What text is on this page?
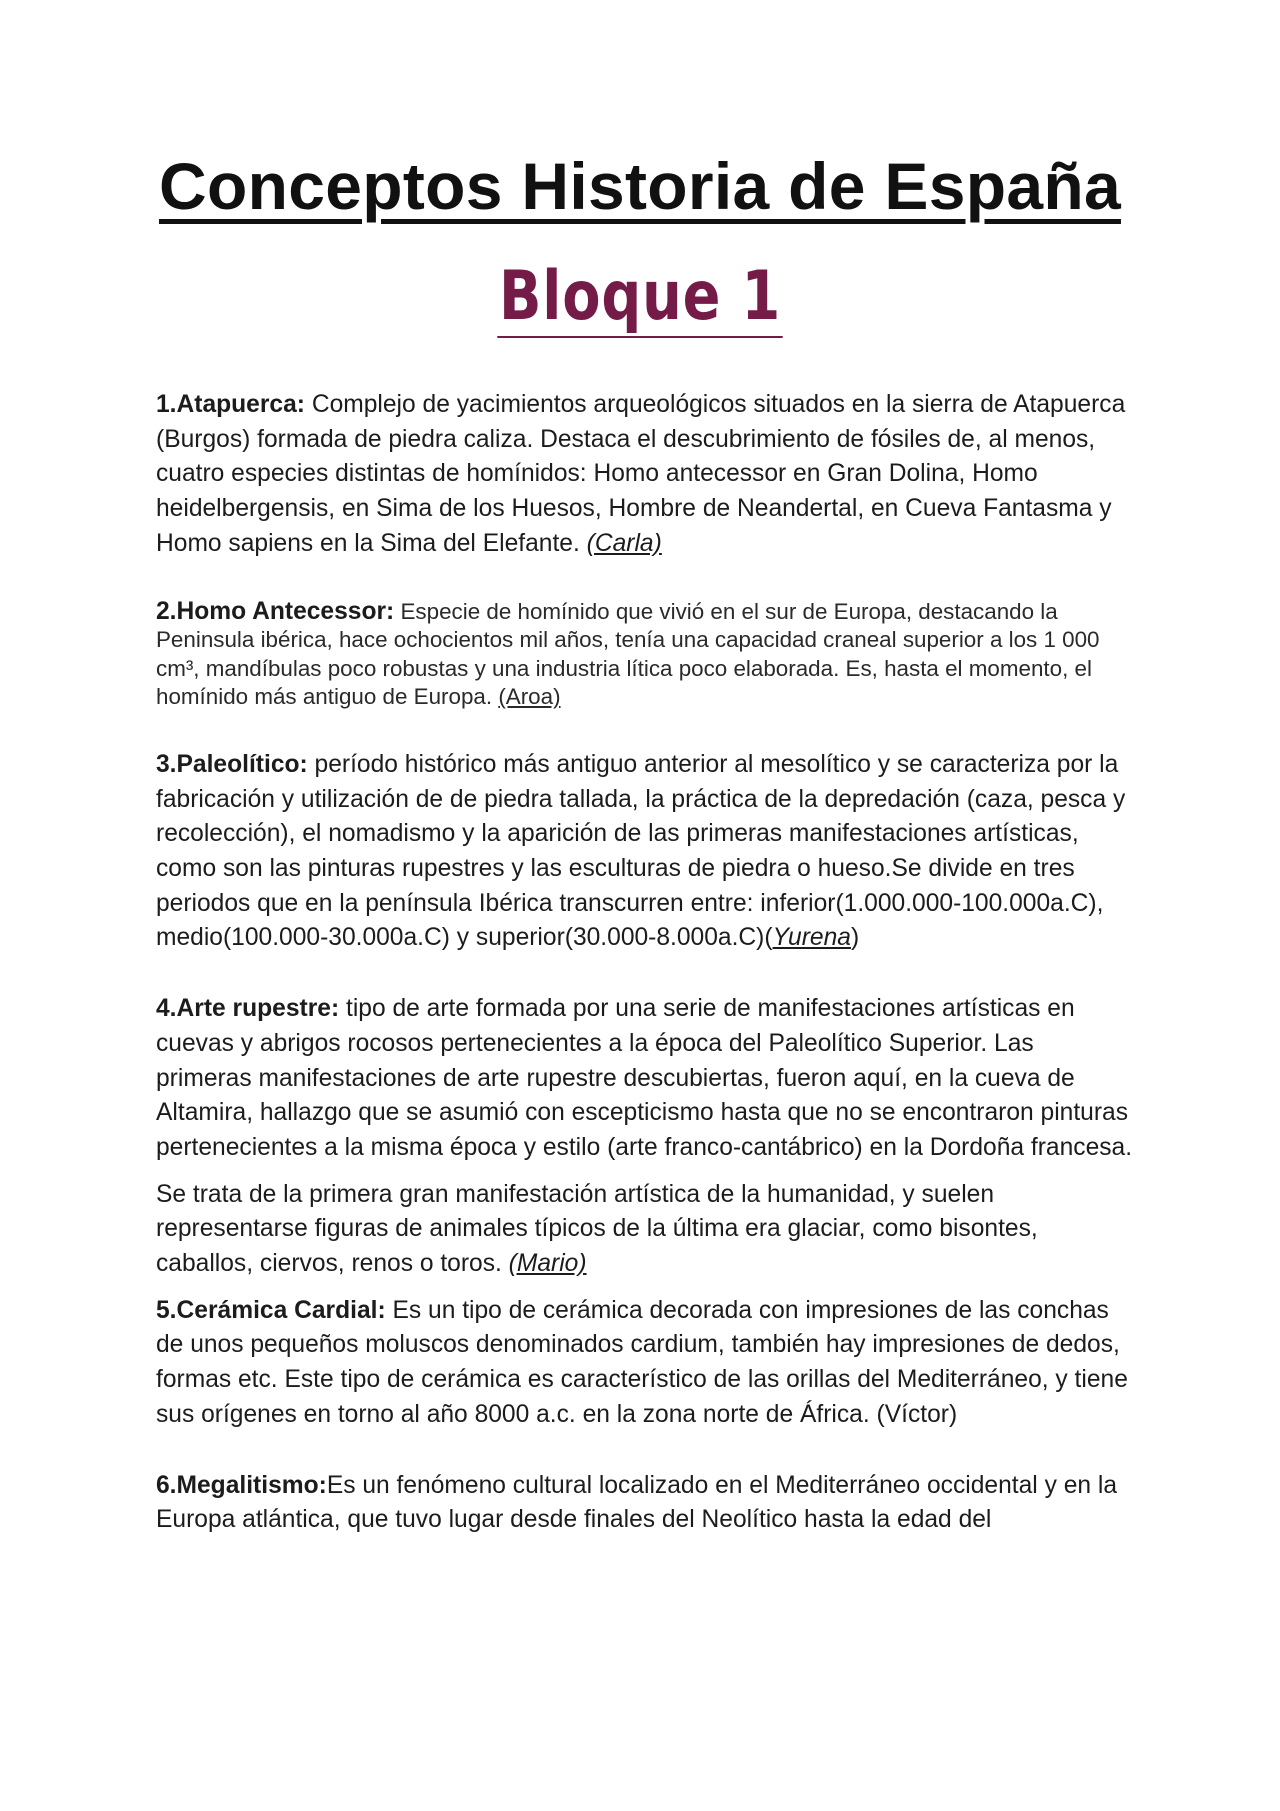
Conceptos Historia de España
Bloque 1

1.Atapuerca: Complejo de yacimientos arqueológicos situados en la sierra de Atapuerca (Burgos) formada de piedra caliza. Destaca el descubrimiento de fósiles de, al menos, cuatro especies distintas de homínidos: Homo antecessor en Gran Dolina, Homo heidelbergensis, en Sima de los Huesos, Hombre de Neandertal, en Cueva Fantasma y Homo sapiens en la Sima del Elefante. (Carla)

2.Homo Antecessor: Especie de homínido que vivió en el sur de Europa, destacando la Peninsula ibérica, hace ochocientos mil años, tenía una capacidad craneal superior a los 1 000 cm³, mandíbulas poco robustas y una industria lítica poco elaborada. Es, hasta el momento, el homínido más antiguo de Europa. (Aroa)

3.Paleolítico: período histórico más antiguo anterior al mesolítico y se caracteriza por la fabricación y utilización de de piedra tallada, la práctica de la depredación (caza, pesca y recolección), el nomadismo y la aparición de las primeras manifestaciones artísticas, como son las pinturas rupestres y las esculturas de piedra o hueso.Se divide en tres periodos que en la península Ibérica transcurren entre: inferior(1.000.000-100.000a.C), medio(100.000-30.000a.C) y superior(30.000-8.000a.C)(Yurena)

4.Arte rupestre: tipo de arte formada por una serie de manifestaciones artísticas en cuevas y abrigos rocosos pertenecientes a la época del Paleolítico Superior. Las primeras manifestaciones de arte rupestre descubiertas, fueron aquí, en la cueva de Altamira, hallazgo que se asumió con escepticismo hasta que no se encontraron pinturas pertenecientes a la misma época y estilo (arte franco-cantábrico) en la Dordoña francesa.

Se trata de la primera gran manifestación artística de la humanidad, y suelen representarse figuras de animales típicos de la última era glaciar, como bisontes, caballos, ciervos, renos o toros. (Mario)

5.Cerámica Cardial: Es un tipo de cerámica decorada con impresiones de las conchas de unos pequeños moluscos denominados cardium, también hay impresiones de dedos, formas etc. Este tipo de cerámica es característico de las orillas del Mediterráneo, y tiene sus orígenes en torno al año 8000 a.c. en la zona norte de África. (Víctor)

6.Megalitismo:Es un fenómeno cultural localizado en el Mediterráneo occidental y en la Europa atlántica, que tuvo lugar desde finales del Neolítico hasta la edad del
